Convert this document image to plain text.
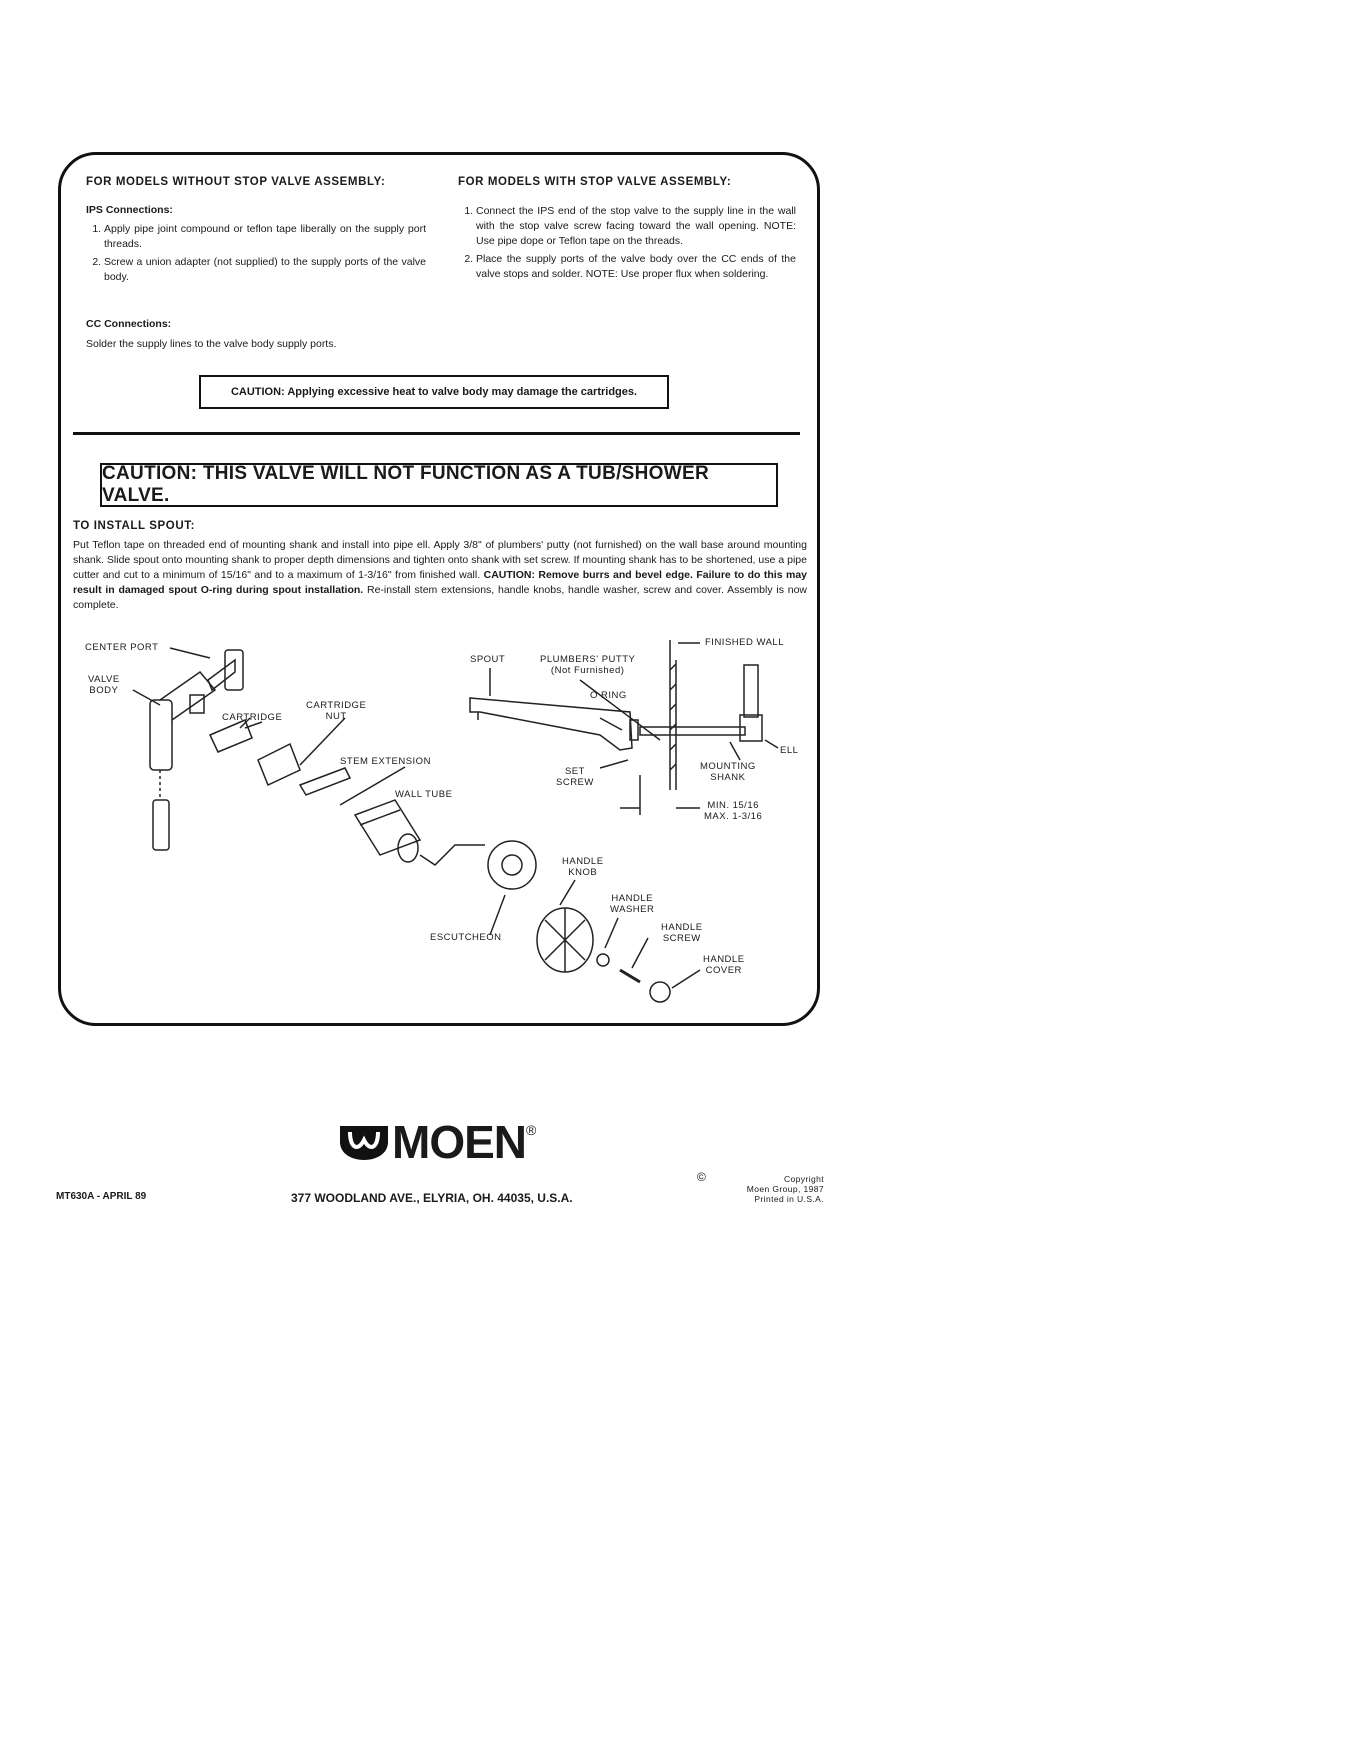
FOR MODELS WITHOUT STOP VALVE ASSEMBLY:
IPS Connections:
1. Apply pipe joint compound or teflon tape liberally on the supply port threads.
2. Screw a union adapter (not supplied) to the supply ports of the valve body.
CC Connections:
Solder the supply lines to the valve body supply ports.
FOR MODELS WITH STOP VALVE ASSEMBLY:
1. Connect the IPS end of the stop valve to the supply line in the wall with the stop valve screw facing toward the wall opening. NOTE: Use pipe dope or Teflon tape on the threads.
2. Place the supply ports of the valve body over the CC ends of the valve stops and solder. NOTE: Use proper flux when soldering.
CAUTION: Applying excessive heat to valve body may damage the cartridges.
CAUTION: THIS VALVE WILL NOT FUNCTION AS A TUB/SHOWER VALVE.
TO INSTALL SPOUT:
Put Teflon tape on threaded end of mounting shank and install into pipe ell. Apply 3/8" of plumbers' putty (not furnished) on the wall base around mounting shank. Slide spout onto mounting shank to proper depth dimensions and tighten onto shank with set screw. If mounting shank has to be shortened, use a pipe cutter and cut to a minimum of 15/16" and to a maximum of 1-3/16" from finished wall. CAUTION: Remove burrs and bevel edge. Failure to do this may result in damaged spout O-ring during spout installation. Re-install stem extensions, handle knobs, handle washer, screw and cover. Assembly is now complete.
CENTER PORT
VALVE
BODY
CARTRIDGE
CARTRIDGE
NUT
STEM EXTENSION
WALL TUBE
ESCUTCHEON
HANDLE
KNOB
HANDLE
WASHER
HANDLE
SCREW
HANDLE
COVER
SPOUT	PLUMBERS' PUTTY
(Not Furnished)
O RING
SET
SCREW
FINISHED WALL
ELL
MOUNTING
SHANK
MIN. 15/16
MAX. 1-3/16
MOEN ®
377 WOODLAND AVE., ELYRIA, OH. 44035, U.S.A.
MT630A - APRIL 89
©	Copyright
Moen Group, 1987
Printed in U.S.A.
